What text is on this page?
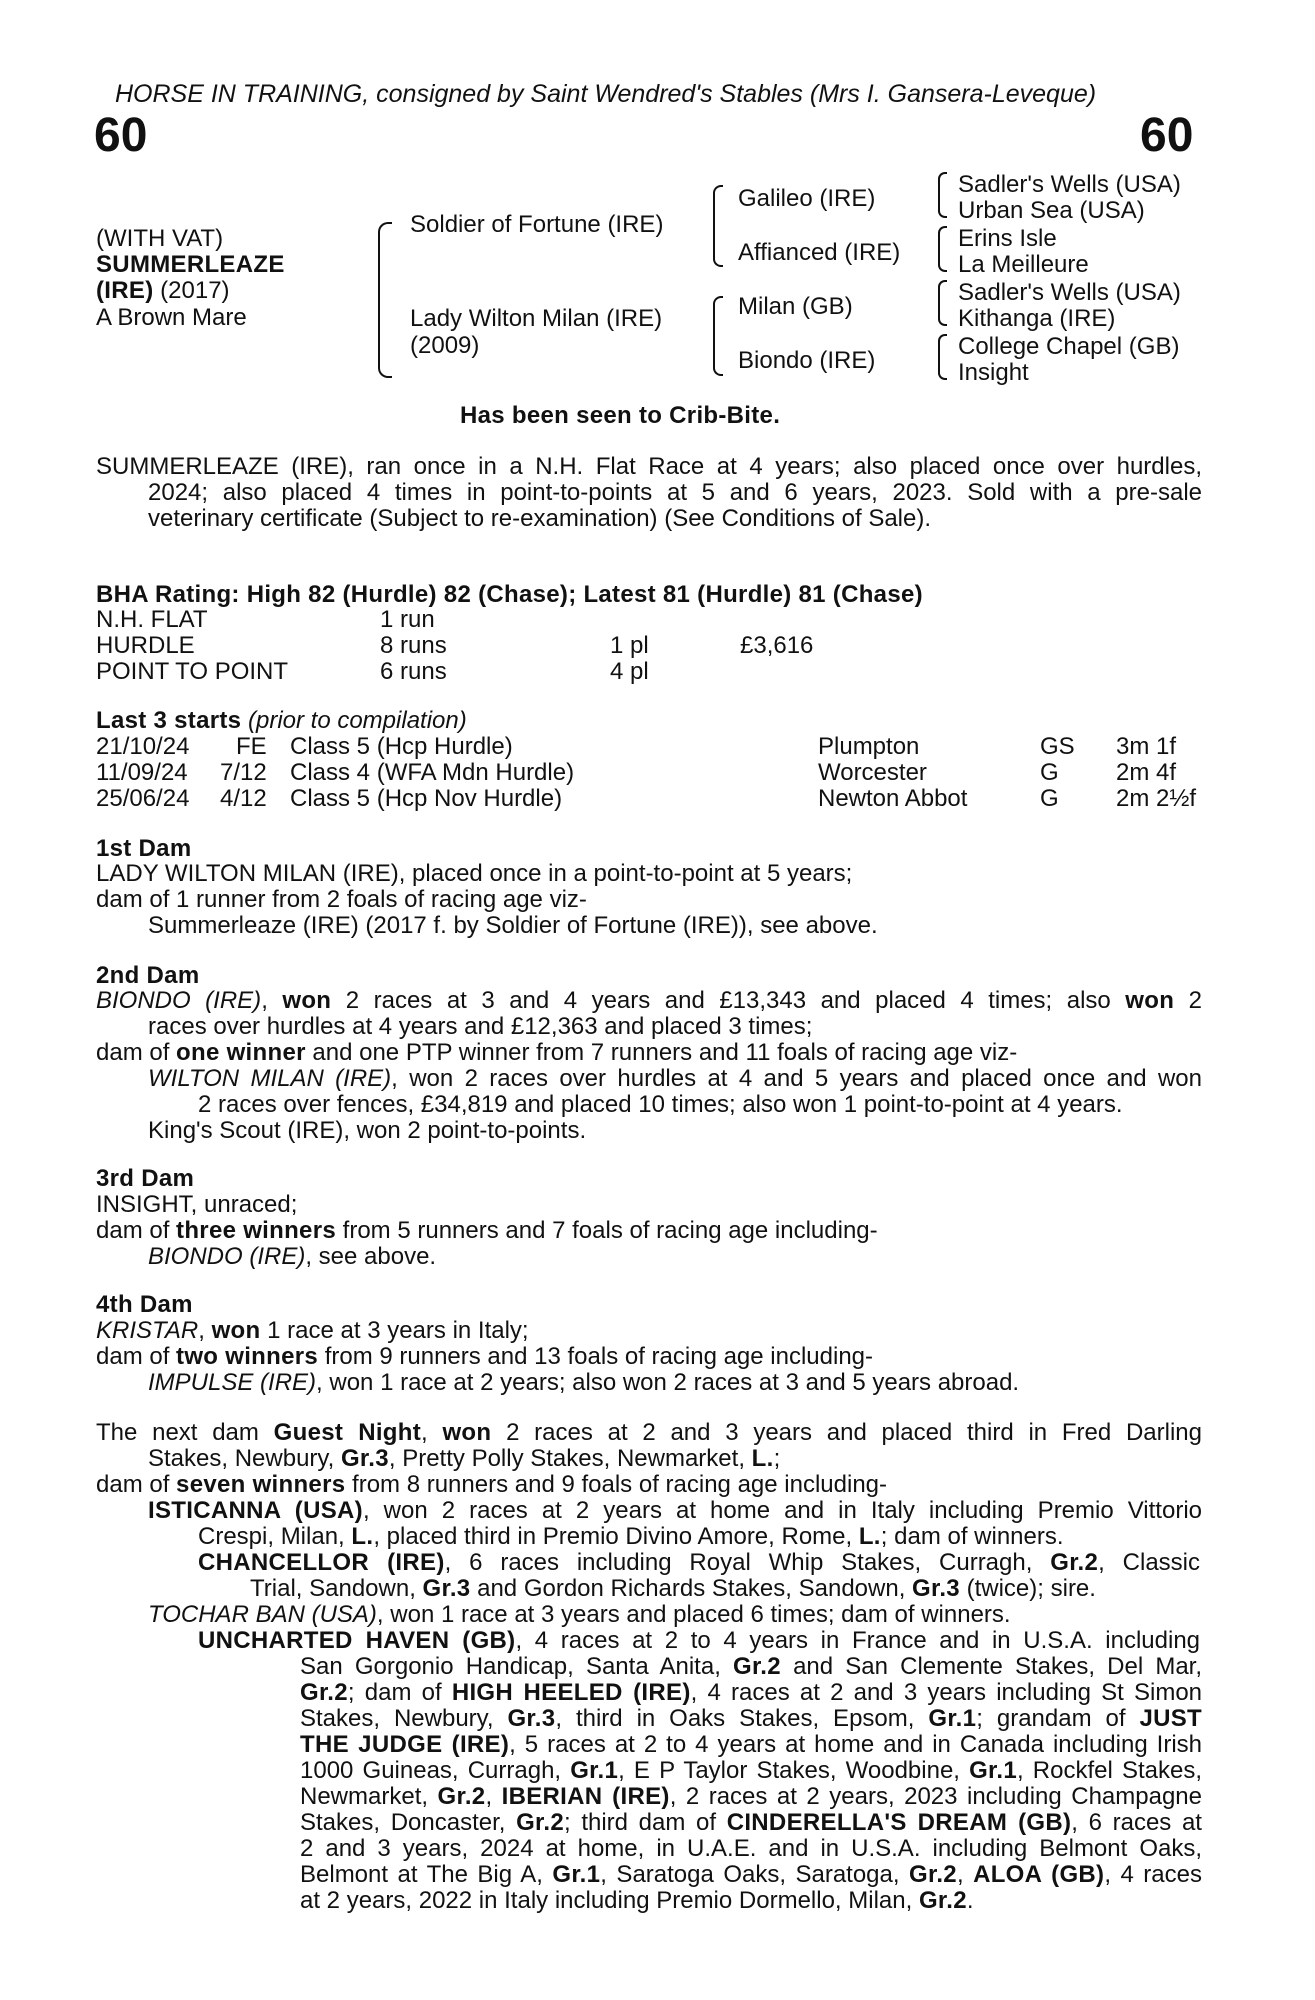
HORSE IN TRAINING, consigned by Saint Wendred's Stables (Mrs I. Gansera-Leveque)
60	60
(WITH VAT)
SUMMERLEAZE
(IRE) (2017)
A Brown Mare
Soldier of Fortune (IRE)
Lady Wilton Milan (IRE)
(2009)
Galileo (IRE)
Affianced (IRE)
Milan (GB)
Biondo (IRE)
Sadler's Wells (USA)
Urban Sea (USA)
Erins Isle
La Meilleure
Sadler's Wells (USA)
Kithanga (IRE)
College Chapel (GB)
Insight
Has been seen to Crib-Bite.
SUMMERLEAZE (IRE), ran once in a N.H. Flat Race at 4 years; also placed once over hurdles,
2024; also placed 4 times in point-to-points at 5 and 6 years, 2023. Sold with a pre-sale
veterinary certificate (Subject to re-examination) (See Conditions of Sale).
BHA Rating: High 82 (Hurdle) 82 (Chase); Latest 81 (Hurdle) 81 (Chase)
N.H. FLAT	1 run
HURDLE	8 runs	1 pl	£3,616
POINT TO POINT	6 runs	4 pl
Last 3 starts (prior to compilation)
21/10/24 FE Class 5 (Hcp Hurdle)	Plumpton	GS 3m 1f
11/09/24 7/12 Class 4 (WFA Mdn Hurdle)	Worcester	G 2m 4f
25/06/24 4/12 Class 5 (Hcp Nov Hurdle)	Newton Abbot	G 2m 2½f
1st Dam
LADY WILTON MILAN (IRE), placed once in a point-to-point at 5 years;
dam of 1 runner from 2 foals of racing age viz-
Summerleaze (IRE) (2017 f. by Soldier of Fortune (IRE)), see above.
2nd Dam
BIONDO (IRE), won 2 races at 3 and 4 years and £13,343 and placed 4 times; also won 2
races over hurdles at 4 years and £12,363 and placed 3 times;
dam of one winner and one PTP winner from 7 runners and 11 foals of racing age viz-
WILTON MILAN (IRE), won 2 races over hurdles at 4 and 5 years and placed once and won
2 races over fences, £34,819 and placed 10 times; also won 1 point-to-point at 4 years.
King's Scout (IRE), won 2 point-to-points.
3rd Dam
INSIGHT, unraced;
dam of three winners from 5 runners and 7 foals of racing age including-
BIONDO (IRE), see above.
4th Dam
KRISTAR, won 1 race at 3 years in Italy;
dam of two winners from 9 runners and 13 foals of racing age including-
IMPULSE (IRE), won 1 race at 2 years; also won 2 races at 3 and 5 years abroad.
The next dam Guest Night, won 2 races at 2 and 3 years and placed third in Fred Darling
Stakes, Newbury, Gr.3, Pretty Polly Stakes, Newmarket, L.;
dam of seven winners from 8 runners and 9 foals of racing age including-
ISTICANNA (USA), won 2 races at 2 years at home and in Italy including Premio Vittorio
Crespi, Milan, L., placed third in Premio Divino Amore, Rome, L.; dam of winners.
CHANCELLOR (IRE), 6 races including Royal Whip Stakes, Curragh, Gr.2, Classic
Trial, Sandown, Gr.3 and Gordon Richards Stakes, Sandown, Gr.3 (twice); sire.
TOCHAR BAN (USA), won 1 race at 3 years and placed 6 times; dam of winners.
UNCHARTED HAVEN (GB), 4 races at 2 to 4 years in France and in U.S.A. including
San Gorgonio Handicap, Santa Anita, Gr.2 and San Clemente Stakes, Del Mar,
Gr.2; dam of HIGH HEELED (IRE), 4 races at 2 and 3 years including St Simon
Stakes, Newbury, Gr.3, third in Oaks Stakes, Epsom, Gr.1; grandam of JUST
THE JUDGE (IRE), 5 races at 2 to 4 years at home and in Canada including Irish
1000 Guineas, Curragh, Gr.1, E P Taylor Stakes, Woodbine, Gr.1, Rockfel Stakes,
Newmarket, Gr.2, IBERIAN (IRE), 2 races at 2 years, 2023 including Champagne
Stakes, Doncaster, Gr.2; third dam of CINDERELLA'S DREAM (GB), 6 races at
2 and 3 years, 2024 at home, in U.A.E. and in U.S.A. including Belmont Oaks,
Belmont at The Big A, Gr.1, Saratoga Oaks, Saratoga, Gr.2, ALOA (GB), 4 races
at 2 years, 2022 in Italy including Premio Dormello, Milan, Gr.2.
